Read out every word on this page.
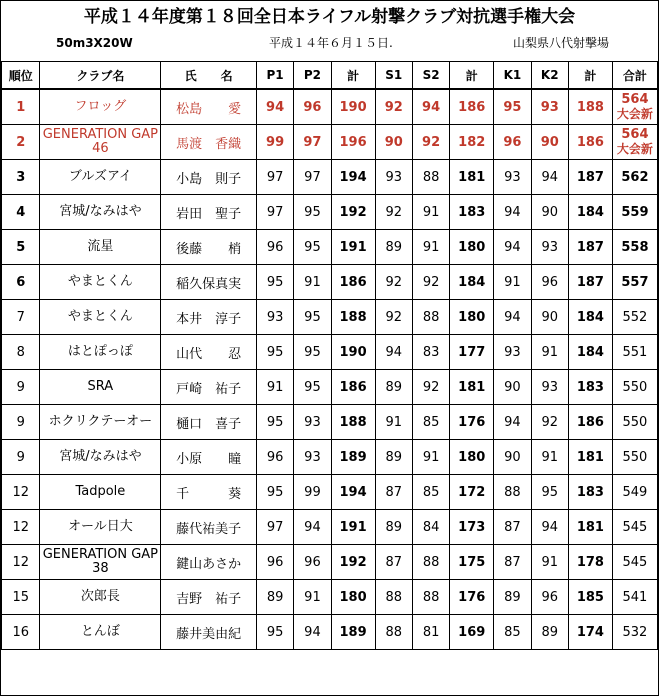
平成１４年度第１８回全日本ライフル射撃クラブ対抗選手権大会
50m3X20W	平成１４年６月１５日.	山梨県八代射撃場
順位	クラブ名	氏　　名	P1	P2	計	S1	S2	計	K1	K2	計	合計
1	フロッグ	松島　　愛	94	96	190	92	94	186	95	93	188	564
大会新

2	GENERATION GAP 46	馬渡　香織	99	97	196	90	92	182	96	90	186	564
大会新

3	ブルズアイ	小島　則子	97	97	194	93	88	181	93	94	187	562
4	宮城/なみはや	岩田　聖子	97	95	192	92	91	183	94	90	184	559
5	流星	後藤　　梢	96	95	191	89	91	180	94	93	187	558
6	やまとくん	稲久保真実	95	91	186	92	92	184	91	96	187	557
7	やまとくん	本井　淳子	93	95	188	92	88	180	94	90	184	552
8	はとぽっぽ	山代　　忍	95	95	190	94	83	177	93	91	184	551
9	SRA	戸崎　祐子	91	95	186	89	92	181	90	93	183	550
9	ホクリクテーオー	樋口　喜子	95	93	188	91	85	176	94	92	186	550
9	宮城/なみはや	小原　　瞳	96	93	189	89	91	180	90	91	181	550
12	Tadpole	千　　　葵	95	99	194	87	85	172	88	95	183	549
12	オール日大	藤代祐美子	97	94	191	89	84	173	87	94	181	545
12	GENERATION GAP 38	鍵山あさか	96	96	192	87	88	175	87	91	178	545
15	次郎長	吉野　祐子	89	91	180	88	88	176	89	96	185	541
16	とんぼ	藤井美由紀	95	94	189	88	81	169	85	89	174	532
